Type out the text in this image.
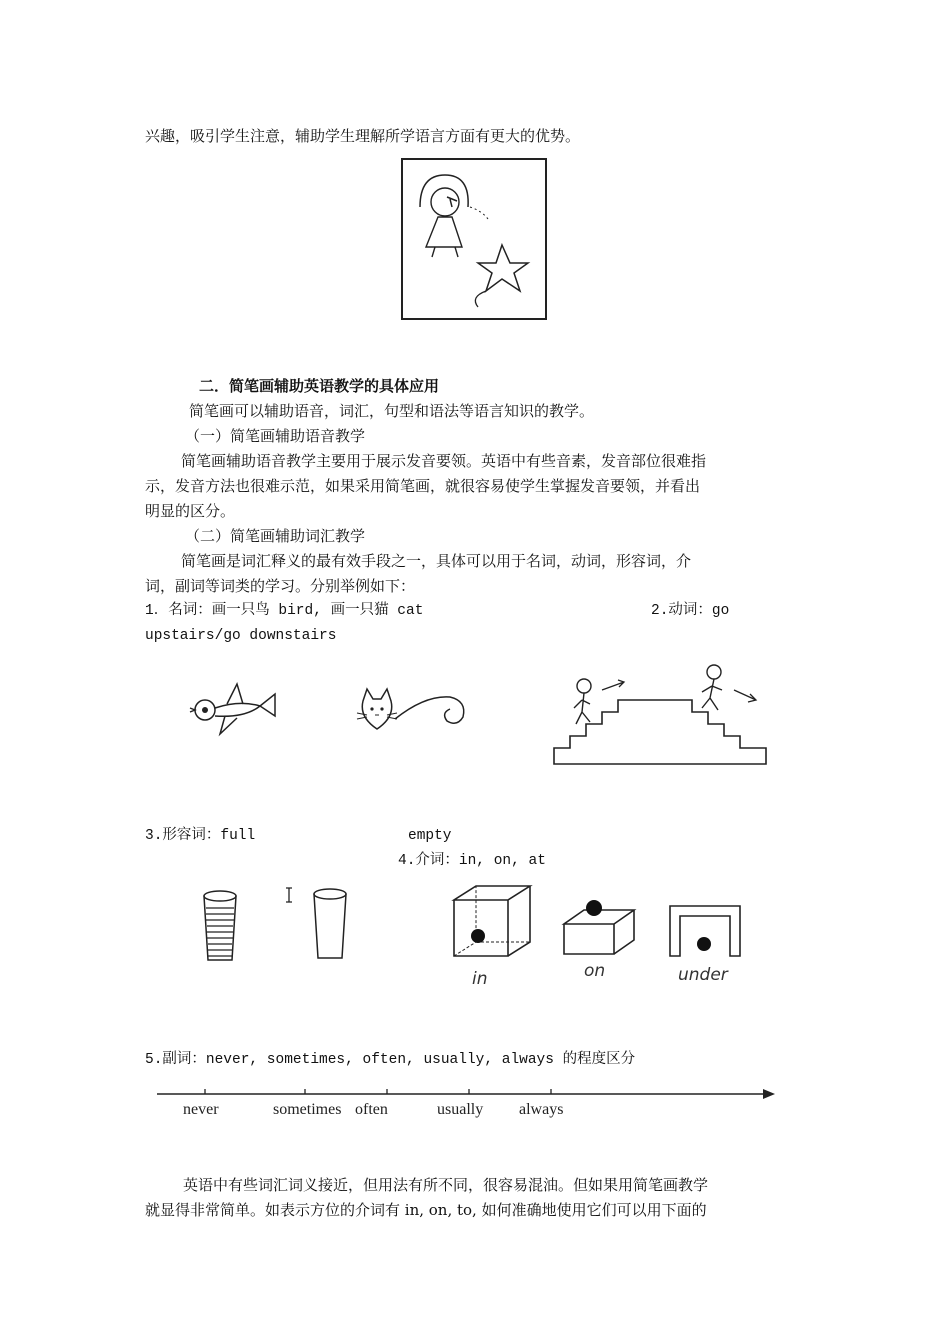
兴趣，吸引学生注意，辅助学生理解所学语言方面有更大的优势。
二．简笔画辅助英语教学的具体应用
简笔画可以辅助语音，词汇，句型和语法等语言知识的教学。
（一）简笔画辅助语音教学
简笔画辅助语音教学主要用于展示发音要领。英语中有些音素，发音部位很难指
示，发音方法也很难示范，如果采用简笔画，就很容易使学生掌握发音要领，并看出
明显的区分。
（二）简笔画辅助词汇教学
简笔画是词汇释义的最有效手段之一，具体可以用于名词，动词，形容词，介
词，副词等词类的学习。分别举例如下：
1．名词：画一只鸟 bird, 画一只猫 cat	2.动词：go
upstairs/go downstairs
3.形容词：full	empty
4.介词：in, on, at
in	on	under
5.副词：never, sometimes, often, usually, always 的程度区分
never	sometimes often	usually always
英语中有些词汇词义接近，但用法有所不同，很容易混油。但如果用简笔画教学
就显得非常简单。如表示方位的介词有 in, on, to, 如何准确地使用它们可以用下面的
